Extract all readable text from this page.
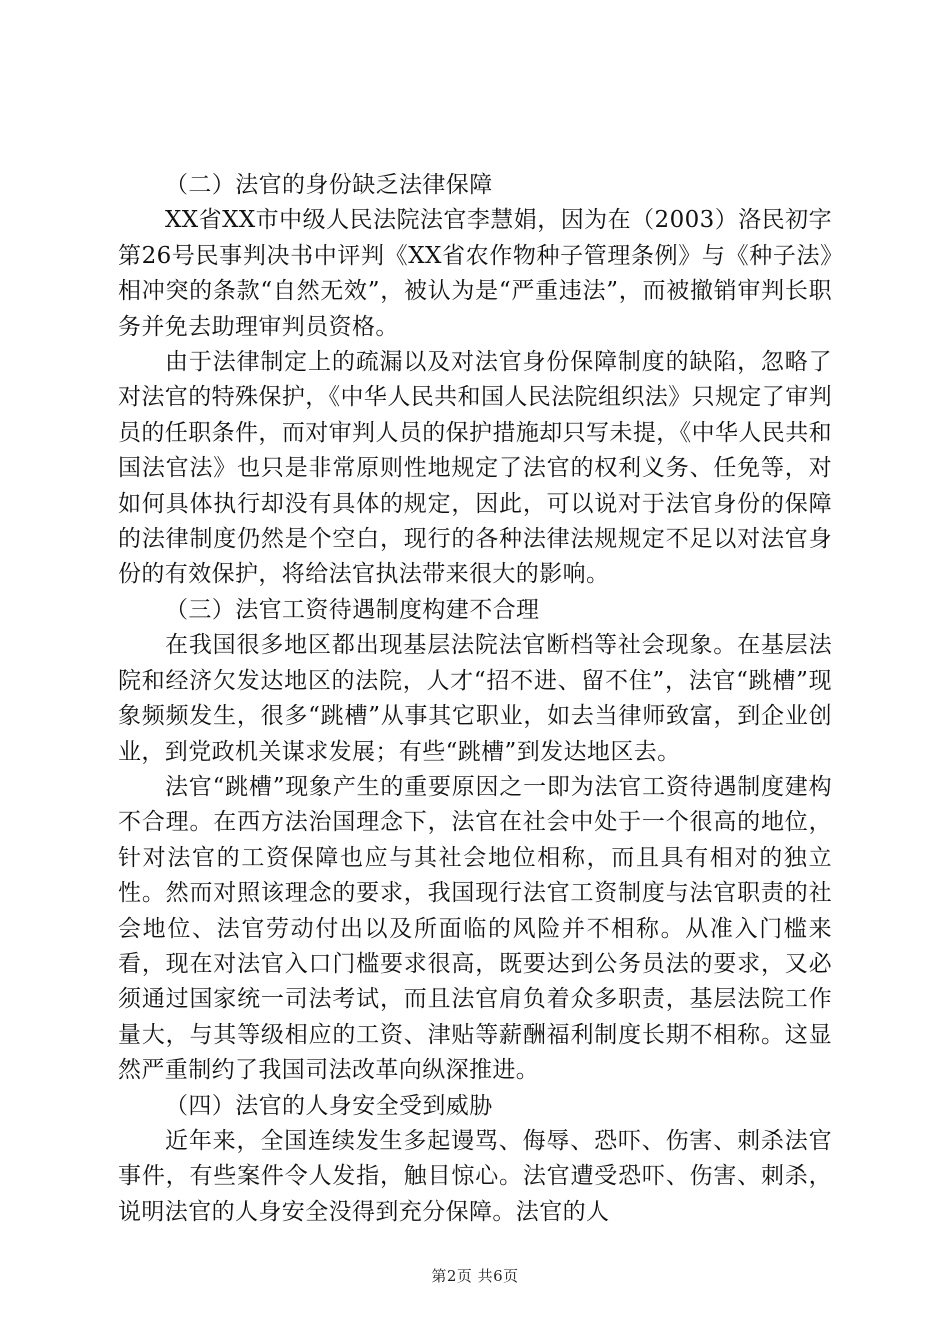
（二）法官的身份缺乏法律保障

XX省XX市中级人民法院法官李慧娟，因为在（2003）洛民初字第26号民事判决书中评判《XX省农作物种子管理条例》与《种子法》相冲突的条款“自然无效”，被认为是“严重违法”，而被撤销审判长职务并免去助理审判员资格。

由于法律制定上的疏漏以及对法官身份保障制度的缺陷，忽略了对法官的特殊保护，《中华人民共和国人民法院组织法》只规定了审判员的任职条件，而对审判人员的保护措施却只写未提，《中华人民共和国法官法》也只是非常原则性地规定了法官的权利义务、任免等，对如何具体执行却没有具体的规定，因此，可以说对于法官身份的保障的法律制度仍然是个空白，现行的各种法律法规规定不足以对法官身份的有效保护，将给法官执法带来很大的影响。

（三）法官工资待遇制度构建不合理

在我国很多地区都出现基层法院法官断档等社会现象。在基层法院和经济欠发达地区的法院，人才“招不进、留不住”，法官“跳槽”现象频频发生，很多“跳槽”从事其它职业，如去当律师致富，到企业创业，到党政机关谋求发展；有些“跳槽”到发达地区去。

法官“跳槽”现象产生的重要原因之一即为法官工资待遇制度建构不合理。在西方法治国理念下，法官在社会中处于一个很高的地位，针对法官的工资保障也应与其社会地位相称，而且具有相对的独立性。然而对照该理念的要求，我国现行法官工资制度与法官职责的社会地位、法官劳动付出以及所面临的风险并不相称。从准入门槛来看，现在对法官入口门槛要求很高，既要达到公务员法的要求，又必须通过国家统一司法考试，而且法官肩负着众多职责，基层法院工作量大，与其等级相应的工资、津贴等薪酬福利制度长期不相称。这显然严重制约了我国司法改革向纵深推进。

（四）法官的人身安全受到威胁

近年来，全国连续发生多起谩骂、侮辱、恐吓、伤害、刺杀法官事件，有些案件令人发指，触目惊心。法官遭受恐吓、伤害、刺杀，说明法官的人身安全没得到充分保障。法官的人

第2页 共6页
